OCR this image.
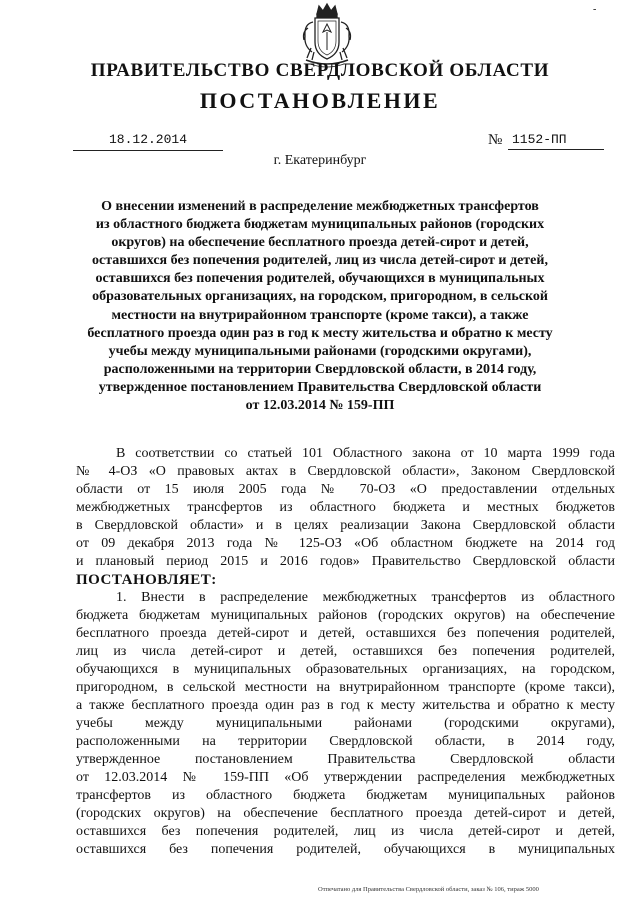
-
ПРАВИТЕЛЬСТВО СВЕРДЛОВСКОЙ ОБЛАСТИ
ПОСТАНОВЛЕНИЕ
18.12.2014	№ 1152-ПП
г. Екатеринбург
О внесении изменений в распределение межбюджетных трансфертов
из областного бюджета бюджетам муниципальных районов (городских
округов) на обеспечение бесплатного проезда детей-сирот и детей,
оставшихся без попечения родителей, лиц из числа детей-сирот и детей,
оставшихся без попечения родителей, обучающихся в муниципальных
образовательных организациях, на городском, пригородном, в сельской
местности на внутрирайонном транспорте (кроме такси), а также
бесплатного проезда один раз в год к месту жительства и обратно к месту
учебы между муниципальными районами (городскими округами),
расположенными на территории Свердловской области, в 2014 году,
утвержденное постановлением Правительства Свердловской области
от 12.03.2014 № 159-ПП
В соответствии со статьей 101 Областного закона от 10 марта 1999 года
№ 4-ОЗ «О правовых актах в Свердловской области», Законом Свердловской
области от 15 июля 2005 года № 70-ОЗ «О предоставлении отдельных
межбюджетных трансфертов из областного бюджета и местных бюджетов
в Свердловской области» и в целях реализации Закона Свердловской области
от 09 декабря 2013 года № 125-ОЗ «Об областном бюджете на 2014 год
и плановый период 2015 и 2016 годов» Правительство Свердловской области
ПОСТАНОВЛЯЕТ:
1. Внести в распределение межбюджетных трансфертов из областного
бюджета бюджетам муниципальных районов (городских округов) на обеспечение
бесплатного проезда детей-сирот и детей, оставшихся без попечения родителей,
лиц из числа детей-сирот и детей, оставшихся без попечения родителей,
обучающихся в муниципальных образовательных организациях, на городском,
пригородном, в сельской местности на внутрирайонном транспорте (кроме такси),
а также бесплатного проезда один раз в год к месту жительства и обратно к месту
учебы между муниципальными районами (городскими округами),
расположенными на территории Свердловской области, в 2014 году,
утвержденное постановлением Правительства Свердловской области
от 12.03.2014 № 159-ПП «Об утверждении распределения межбюджетных
трансфертов из областного бюджета бюджетам муниципальных районов
(городских округов) на обеспечение бесплатного проезда детей-сирот и детей,
оставшихся без попечения родителей, лиц из числа детей-сирот и детей,
оставшихся без попечения родителей, обучающихся в муниципальных
Отпечатано для Правительства Свердловской области, заказ № 106, тираж 5000
